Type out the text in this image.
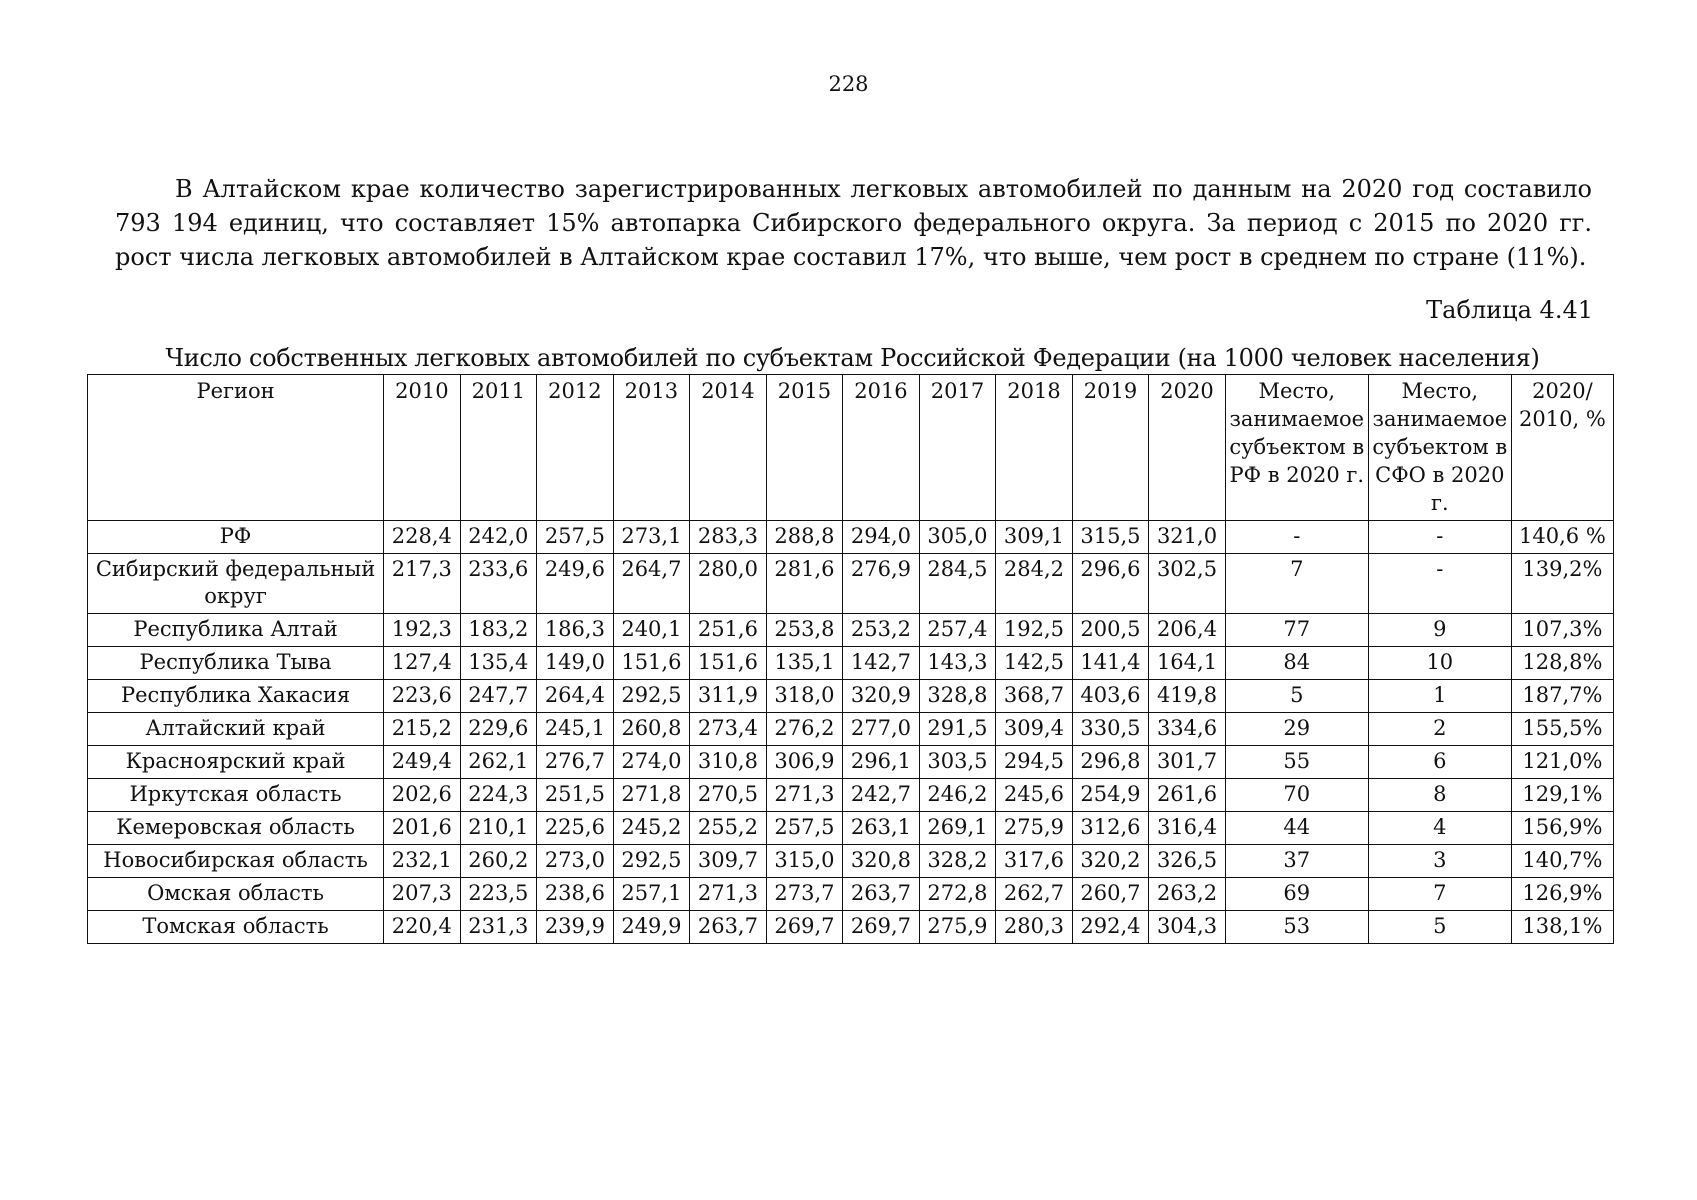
228
В Алтайском крае количество зарегистрированных легковых автомобилей по данным на 2020 год составило 793 194 единиц, что составляет 15% автопарка Сибирского федерального округа. За период с 2015 по 2020 гг. рост числа легковых автомобилей в Алтайском крае составил 17%, что выше, чем рост в среднем по стране (11%).
Таблица 4.41
Число собственных легковых автомобилей по субъектам Российской Федерации (на 1000 человек населения)
Регион	2010	2011	2012	2013	2014	2015	2016	2017	2018	2019	2020	Место, занимаемое субъектом в РФ в 2020 г.	Место, занимаемое субъектом в СФО в 2020 г.	2020/ 2010, %
РФ	228,4	242,0	257,5	273,1	283,3	288,8	294,0	305,0	309,1	315,5	321,0	-	-	140,6 %
Сибирский федеральный округ	217,3	233,6	249,6	264,7	280,0	281,6	276,9	284,5	284,2	296,6	302,5	7	-	139,2%
Республика Алтай	192,3	183,2	186,3	240,1	251,6	253,8	253,2	257,4	192,5	200,5	206,4	77	9	107,3%
Республика Тыва	127,4	135,4	149,0	151,6	151,6	135,1	142,7	143,3	142,5	141,4	164,1	84	10	128,8%
Республика Хакасия	223,6	247,7	264,4	292,5	311,9	318,0	320,9	328,8	368,7	403,6	419,8	5	1	187,7%
Алтайский край	215,2	229,6	245,1	260,8	273,4	276,2	277,0	291,5	309,4	330,5	334,6	29	2	155,5%
Красноярский край	249,4	262,1	276,7	274,0	310,8	306,9	296,1	303,5	294,5	296,8	301,7	55	6	121,0%
Иркутская область	202,6	224,3	251,5	271,8	270,5	271,3	242,7	246,2	245,6	254,9	261,6	70	8	129,1%
Кемеровская область	201,6	210,1	225,6	245,2	255,2	257,5	263,1	269,1	275,9	312,6	316,4	44	4	156,9%
Новосибирская область	232,1	260,2	273,0	292,5	309,7	315,0	320,8	328,2	317,6	320,2	326,5	37	3	140,7%
Омская область	207,3	223,5	238,6	257,1	271,3	273,7	263,7	272,8	262,7	260,7	263,2	69	7	126,9%
Томская область	220,4	231,3	239,9	249,9	263,7	269,7	269,7	275,9	280,3	292,4	304,3	53	5	138,1%
